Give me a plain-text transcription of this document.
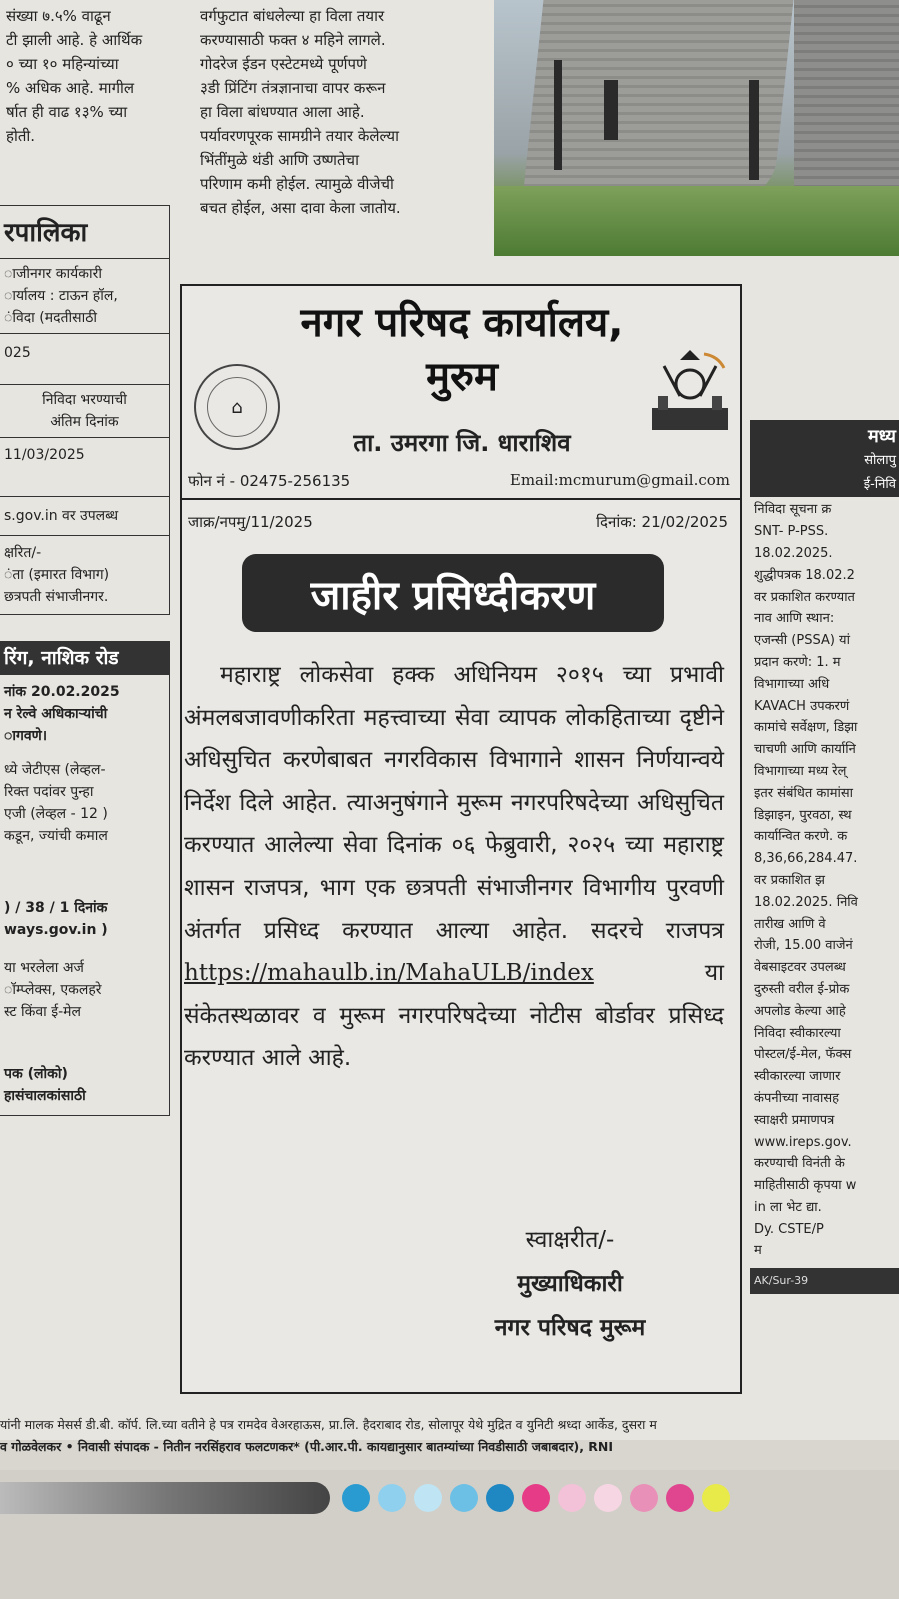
संख्या ७.५% वाढून
टी झाली आहे. हे आर्थिक
० च्या १० महिन्यांच्या
% अधिक आहे. मागील
र्षात ही वाढ १३% च्या
होती.
वर्गफुटात बांधलेल्या हा विला तयार
करण्यासाठी फक्त ४ महिने लागले.
गोदरेज ईडन एस्टेटमध्ये पूर्णपणे
३डी प्रिंटिंग तंत्रज्ञानाचा वापर करून
हा विला बांधण्यात आला आहे.
पर्यावरणपूरक सामग्रीने तयार केलेल्या
भिंतींमुळे थंडी आणि उष्णतेचा
परिणाम कमी होईल. त्यामुळे वीजेची
बचत होईल, असा दावा केला जातोय.
रपालिका
ाजीनगर कार्यकारी
ार्यालय : टाऊन हॉल,
ंविदा (मदतीसाठी
025
निविदा भरण्याची
अंतिम दिनांक
11/03/2025
s.gov.in वर उपलब्ध
क्षरित/-
ंता (इमारत विभाग)
छत्रपती संभाजीनगर.
रिंग, नाशिक रोड
नांक 20.02.2025
न रेल्वे अधिकाऱ्यांची
ागवणे।
ध्ये जेटीएस (लेव्हल-
रिक्त पदांवर पुन्हा
एजी (लेव्हल - 12 )
कडून, ज्यांची कमाल
) / 38 / 1 दिनांक
ways.gov.in )
या भरलेला अर्ज
ॉम्प्लेक्स, एकलहरे
स्ट किंवा ई-मेल
पक (लोको)
हासंचालकांसाठी
नगर परिषद कार्यालय,
मुरुम
ता. उमरगा जि. धाराशिव
⌂
फोन नं - 02475-256135	Email:mcmurum@gmail.com
जाक्र/नपमु/11/2025	दिनांक: 21/02/2025
जाहीर प्रसिध्दीकरण
महाराष्ट्र लोकसेवा हक्क अधिनियम २०१५ च्या प्रभावी अंमलबजावणीकरिता महत्त्वाच्या सेवा व्यापक लोकहिताच्या दृष्टीने अधिसुचित करणेबाबत नगरविकास विभागाने शासन निर्णयान्वये निर्देश दिले आहेत. त्याअनुषंगाने मुरूम नगरपरिषदेच्या अधिसुचित करण्यात आलेल्या सेवा दिनांक ०६ फेब्रुवारी, २०२५ च्या महाराष्ट्र शासन राजपत्र, भाग एक छत्रपती संभाजीनगर विभागीय पुरवणी अंतर्गत प्रसिध्द करण्यात आल्या आहेत. सदरचे राजपत्र https://mahaulb.in/MahaULB/index	या संकेतस्थळावर व मुरूम नगरपरिषदेच्या नोटीस बोर्डावर प्रसिध्द करण्यात आले आहे.
स्वाक्षरीत/-
मुख्याधिकारी
नगर परिषद मुरूम
मध्य
सोलापु
ई-निवि
निविदा सूचना क्र
SNT- P-PSS.
18.02.2025.
शुद्धीपत्रक 18.02.2
वर प्रकाशित करण्यात
नाव आणि स्थान:
एजन्सी (PSSA) यां
प्रदान करणे: 1. म
विभागाच्या अधि
KAVACH उपकरणं
कामांचे सर्वेक्षण, डिझा
चाचणी आणि कार्यानि
विभागाच्या मध्य रेल्
इतर संबंधित कामांसा
डिझाइन, पुरवठा, स्थ
कार्यान्वित करणे. क
8,36,66,284.47.
वर प्रकाशित झ
18.02.2025. निवि
तारीख आणि वे
रोजी, 15.00 वाजेनं
वेबसाइटवर उपलब्ध
दुरुस्ती वरील ई-प्रोक
अपलोड केल्या आहे
निविदा स्वीकारल्या
पोस्टल/ई-मेल, फॅक्स
स्वीकारल्या जाणार
कंपनीच्या नावासह
स्वाक्षरी प्रमाणपत्र
www.ireps.gov.
करण्याची विनंती के
माहितीसाठी कृपया w
in ला भेट द्या.
Dy. CSTE/P
म
AK/Sur-39
यांनी मालक मेसर्स डी.बी. कॉर्प. लि.च्या वतीने हे पत्र रामदेव वेअरहाऊस, प्रा.लि. हैदराबाद रोड, सोलापूर येथे मुद्रित व युनिटी श्रध्दा आर्केड, दुसरा म
व गोळवेलकर • निवासी संपादक - नितीन नरसिंहराव फलटणकर* (पी.आर.पी. कायद्यानुसार बातम्यांच्या निवडीसाठी जबाबदार), RNI
